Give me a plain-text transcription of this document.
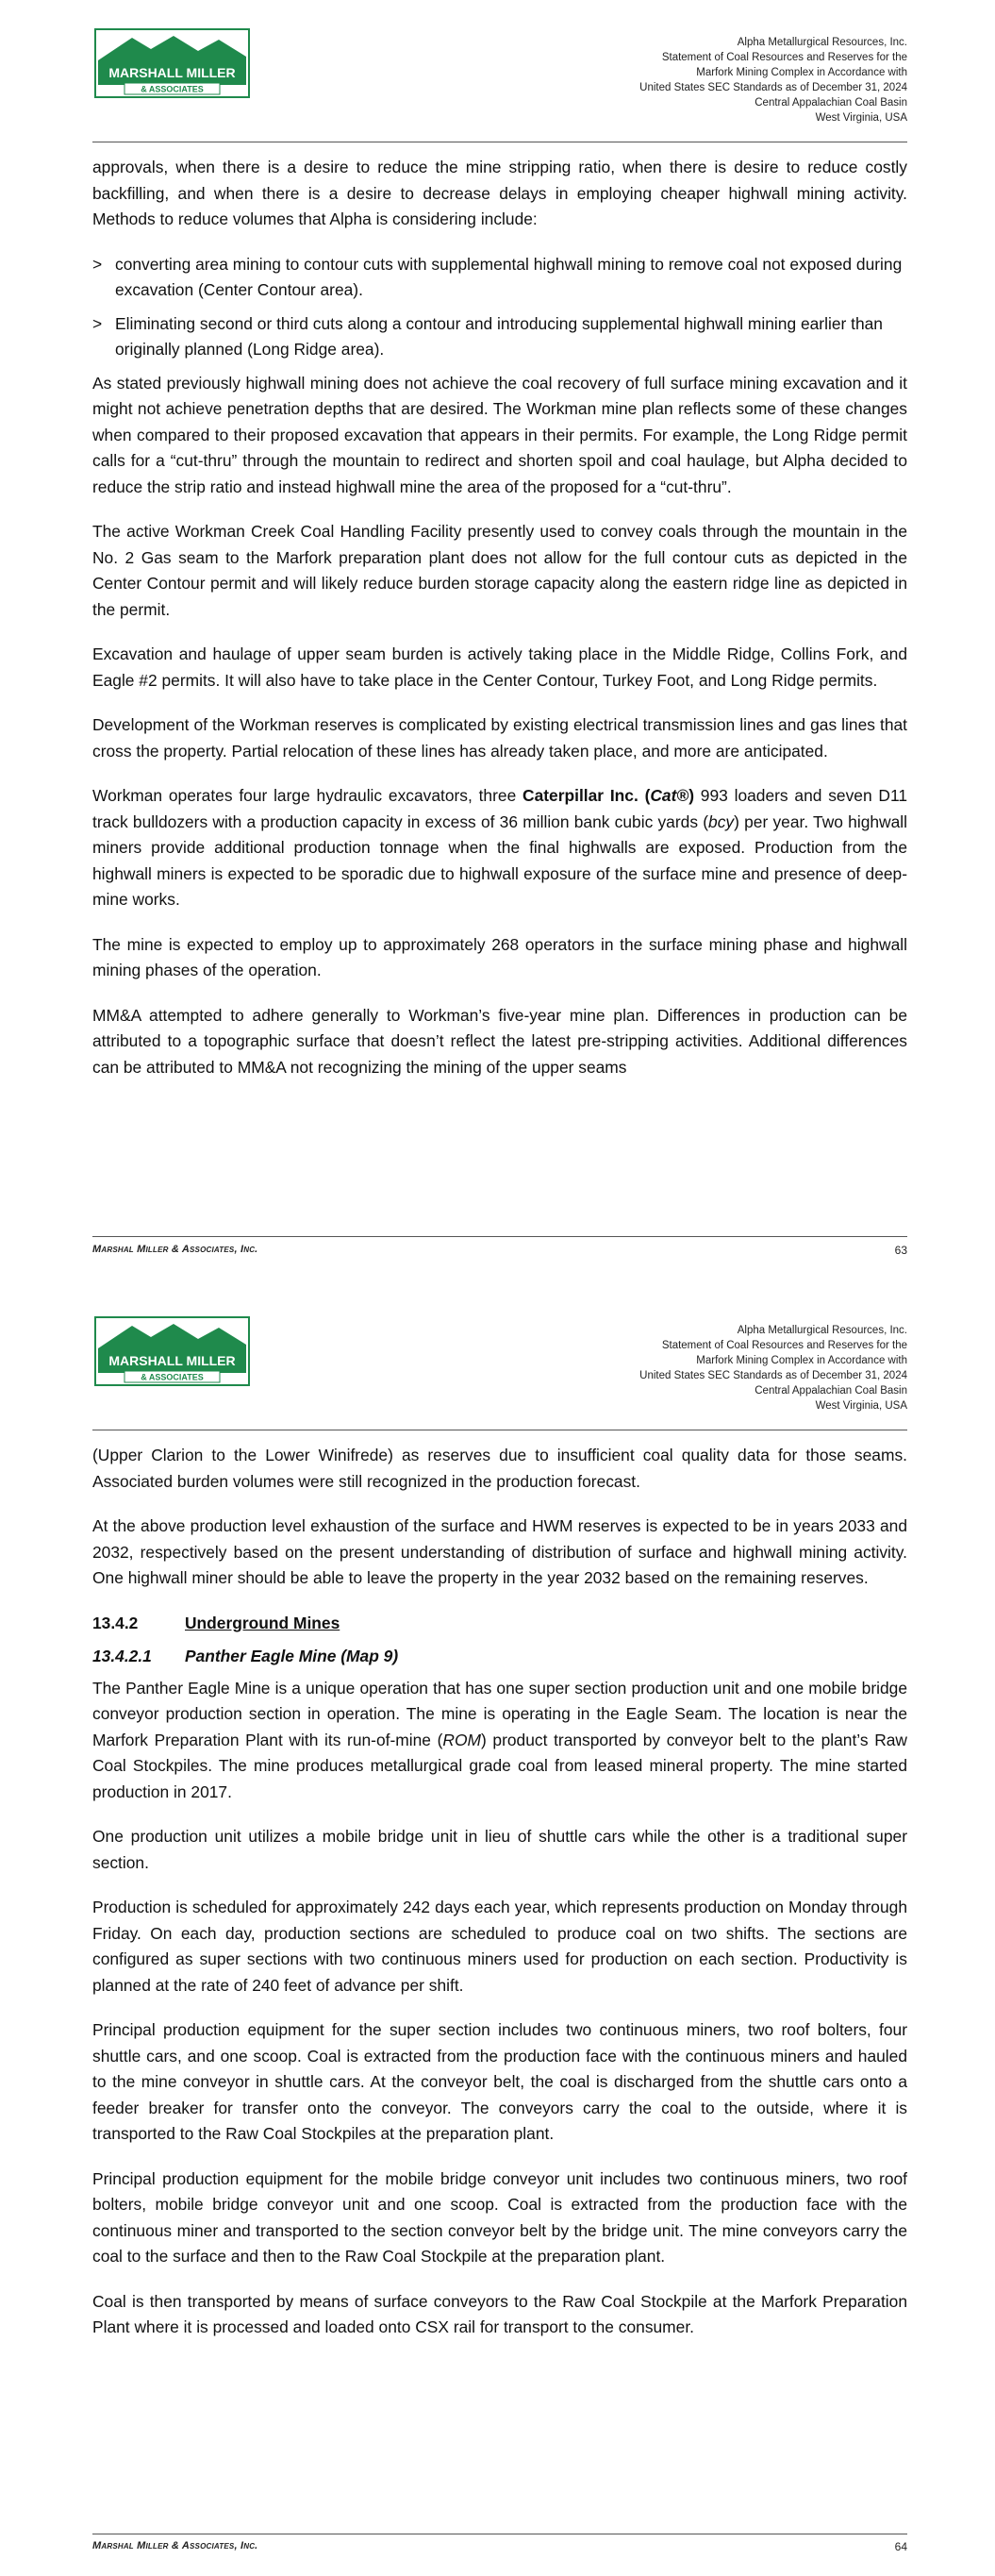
MARSHALL MILLER
& ASSOCIATES
Alpha Metallurgical Resources, Inc.
Statement of Coal Resources and Reserves for the
Marfork Mining Complex in Accordance with
United States SEC Standards as of December 31, 2024
Central Appalachian Coal Basin
West Virginia, USA

approvals, when there is a desire to reduce the mine stripping ratio, when there is desire to reduce costly backfilling, and when there is a desire to decrease delays in employing cheaper highwall mining activity. Methods to reduce volumes that Alpha is considering include:

> converting area mining to contour cuts with supplemental highwall mining to remove coal not exposed during excavation (Center Contour area).
> Eliminating second or third cuts along a contour and introducing supplemental highwall mining earlier than originally planned (Long Ridge area).

As stated previously highwall mining does not achieve the coal recovery of full surface mining excavation and it might not achieve penetration depths that are desired. The Workman mine plan reflects some of these changes when compared to their proposed excavation that appears in their permits. For example, the Long Ridge permit calls for a “cut-thru” through the mountain to redirect and shorten spoil and coal haulage, but Alpha decided to reduce the strip ratio and instead highwall mine the area of the proposed for a “cut-thru”.

The active Workman Creek Coal Handling Facility presently used to convey coals through the mountain in the No. 2 Gas seam to the Marfork preparation plant does not allow for the full contour cuts as depicted in the Center Contour permit and will likely reduce burden storage capacity along the eastern ridge line as depicted in the permit.

Excavation and haulage of upper seam burden is actively taking place in the Middle Ridge, Collins Fork, and Eagle #2 permits. It will also have to take place in the Center Contour, Turkey Foot, and Long Ridge permits.

Development of the Workman reserves is complicated by existing electrical transmission lines and gas lines that cross the property. Partial relocation of these lines has already taken place, and more are anticipated.

Workman operates four large hydraulic excavators, three Caterpillar Inc. (Cat®) 993 loaders and seven D11 track bulldozers with a production capacity in excess of 36 million bank cubic yards (bcy) per year. Two highwall miners provide additional production tonnage when the final highwalls are exposed. Production from the highwall miners is expected to be sporadic due to highwall exposure of the surface mine and presence of deep-mine works.

The mine is expected to employ up to approximately 268 operators in the surface mining phase and highwall mining phases of the operation.

MM&A attempted to adhere generally to Workman’s five-year mine plan. Differences in production can be attributed to a topographic surface that doesn’t reflect the latest pre-stripping activities. Additional differences can be attributed to MM&A not recognizing the mining of the upper seams

Marshal Miller & Associates, Inc.	63
MARSHALL MILLER
& ASSOCIATES
Alpha Metallurgical Resources, Inc.
Statement of Coal Resources and Reserves for the
Marfork Mining Complex in Accordance with
United States SEC Standards as of December 31, 2024
Central Appalachian Coal Basin
West Virginia, USA

(Upper Clarion to the Lower Winifrede) as reserves due to insufficient coal quality data for those seams. Associated burden volumes were still recognized in the production forecast.

At the above production level exhaustion of the surface and HWM reserves is expected to be in years 2033 and 2032, respectively based on the present understanding of distribution of surface and highwall mining activity. One highwall miner should be able to leave the property in the year 2032 based on the remaining reserves.

13.4.2	Underground Mines
13.4.2.1	Panther Eagle Mine (Map 9)

The Panther Eagle Mine is a unique operation that has one super section production unit and one mobile bridge conveyor production section in operation. The mine is operating in the Eagle Seam. The location is near the Marfork Preparation Plant with its run-of-mine (ROM) product transported by conveyor belt to the plant’s Raw Coal Stockpiles. The mine produces metallurgical grade coal from leased mineral property. The mine started production in 2017.

One production unit utilizes a mobile bridge unit in lieu of shuttle cars while the other is a traditional super section.

Production is scheduled for approximately 242 days each year, which represents production on Monday through Friday. On each day, production sections are scheduled to produce coal on two shifts. The sections are configured as super sections with two continuous miners used for production on each section. Productivity is planned at the rate of 240 feet of advance per shift.

Principal production equipment for the super section includes two continuous miners, two roof bolters, four shuttle cars, and one scoop. Coal is extracted from the production face with the continuous miners and hauled to the mine conveyor in shuttle cars. At the conveyor belt, the coal is discharged from the shuttle cars onto a feeder breaker for transfer onto the conveyor. The conveyors carry the coal to the outside, where it is transported to the Raw Coal Stockpiles at the preparation plant.

Principal production equipment for the mobile bridge conveyor unit includes two continuous miners, two roof bolters, mobile bridge conveyor unit and one scoop. Coal is extracted from the production face with the continuous miner and transported to the section conveyor belt by the bridge unit. The mine conveyors carry the coal to the surface and then to the Raw Coal Stockpile at the preparation plant.

Coal is then transported by means of surface conveyors to the Raw Coal Stockpile at the Marfork Preparation Plant where it is processed and loaded onto CSX rail for transport to the consumer.

Marshal Miller & Associates, Inc.	64
